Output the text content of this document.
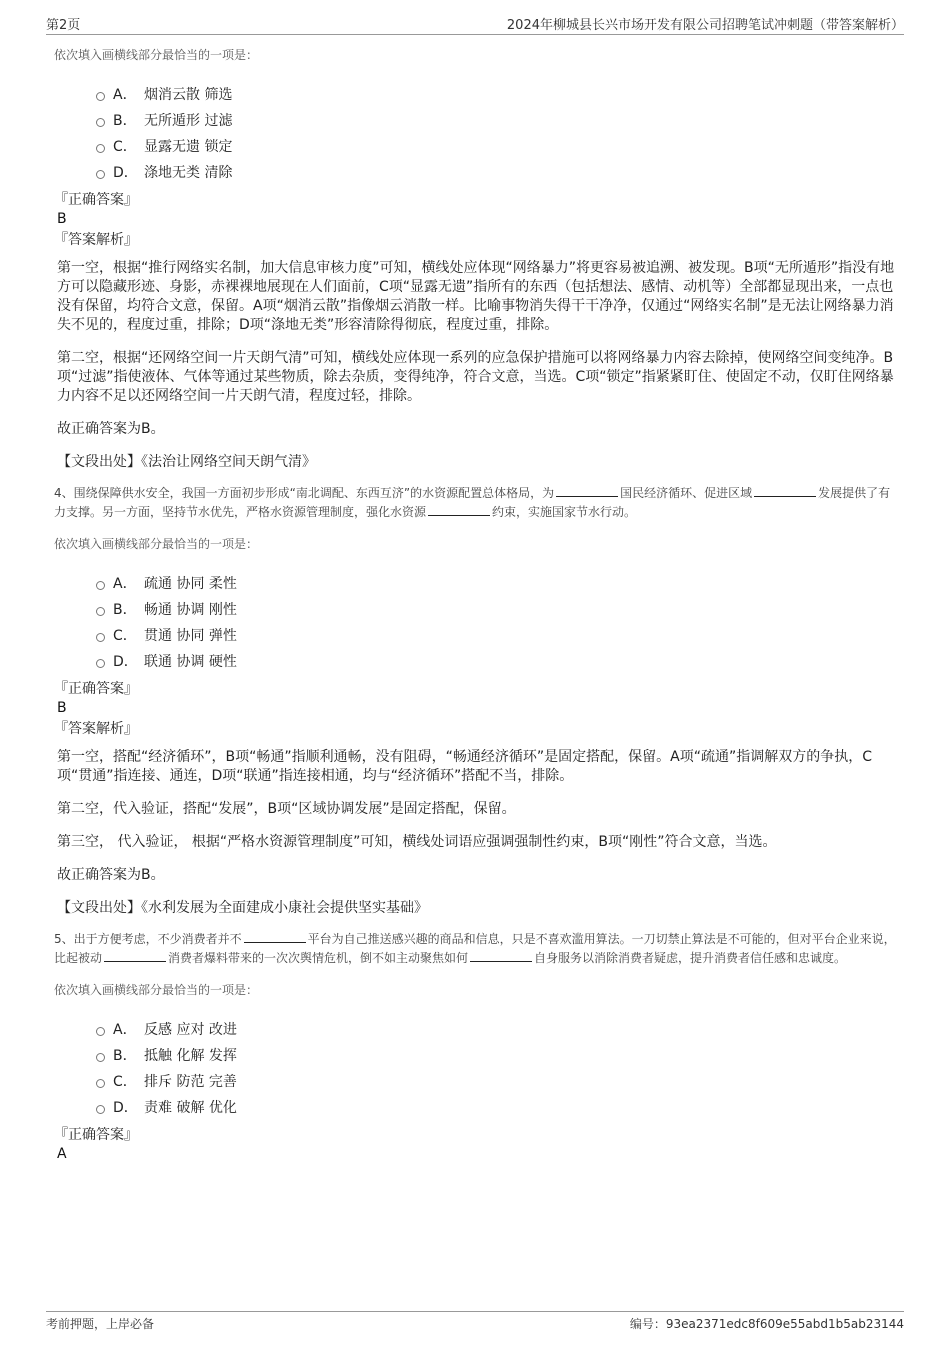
第2页	2024年柳城县长兴市场开发有限公司招聘笔试冲刺题（带答案解析）

依次填入画横线部分最恰当的一项是：

A． 烟消云散 筛选
B． 无所遁形 过滤
C． 显露无遗 锁定
D． 涤地无类 清除

『正确答案』

B

『答案解析』

第一空，根据“推行网络实名制，加大信息审核力度”可知，横线处应体现“网络暴力”将更容易被追溯、被发现。B项“无所遁形”指没有地方可以隐藏形迹、身影，赤裸裸地展现在人们面前，C项“显露无遗”指所有的东西（包括想法、感情、动机等）全部都显现出来，一点也没有保留，均符合文意，保留。A项“烟消云散”指像烟云消散一样。比喻事物消失得干干净净，仅通过“网络实名制”是无法让网络暴力消失不见的，程度过重，排除；D项“涤地无类”形容清除得彻底，程度过重，排除。

第二空，根据“还网络空间一片天朗气清”可知，横线处应体现一系列的应急保护措施可以将网络暴力内容去除掉，使网络空间变纯净。B项“过滤”指使液体、气体等通过某些物质，除去杂质，变得纯净，符合文意，当选。C项“锁定”指紧紧盯住、使固定不动，仅盯住网络暴力内容不足以还网络空间一片天朗气清，程度过轻，排除。

故正确答案为B。

【文段出处】《法治让网络空间天朗气清》

4、围绕保障供水安全，我国一方面初步形成“南北调配、东西互济”的水资源配置总体格局，为	国民经济循环、促进区域	发展提供了有力支撑。另一方面，坚持节水优先，严格水资源管理制度，强化水资源	约束，实施国家节水行动。

依次填入画横线部分最恰当的一项是：

A． 疏通 协同 柔性
B． 畅通 协调 刚性
C． 贯通 协同 弹性
D． 联通 协调 硬性

『正确答案』

B

『答案解析』

第一空，搭配“经济循环”，B项“畅通”指顺利通畅，没有阻碍，“畅通经济循环”是固定搭配，保留。A项“疏通”指调解双方的争执，C项“贯通”指连接、通连，D项“联通”指连接相通，均与“经济循环”搭配不当，排除。

第二空，代入验证，搭配“发展”，B项“区域协调发展”是固定搭配，保留。

第三空， 代入验证， 根据“严格水资源管理制度”可知，横线处词语应强调强制性约束，B项“刚性”符合文意，当选。

故正确答案为B。

【文段出处】《水利发展为全面建成小康社会提供坚实基础》

5、出于方便考虑，不少消费者并不	平台为自己推送感兴趣的商品和信息，只是不喜欢滥用算法。一刀切禁止算法是不可能的，但对平台企业来说，比起被动	消费者爆料带来的一次次舆情危机，倒不如主动聚焦如何	自身服务以消除消费者疑虑，提升消费者信任感和忠诚度。

依次填入画横线部分最恰当的一项是：

A． 反感 应对 改进
B． 抵触 化解 发挥
C． 排斥 防范 完善
D． 责难 破解 优化

『正确答案』

A

考前押题，上岸必备	编号：93ea2371edc8f609e55abd1b5ab23144
